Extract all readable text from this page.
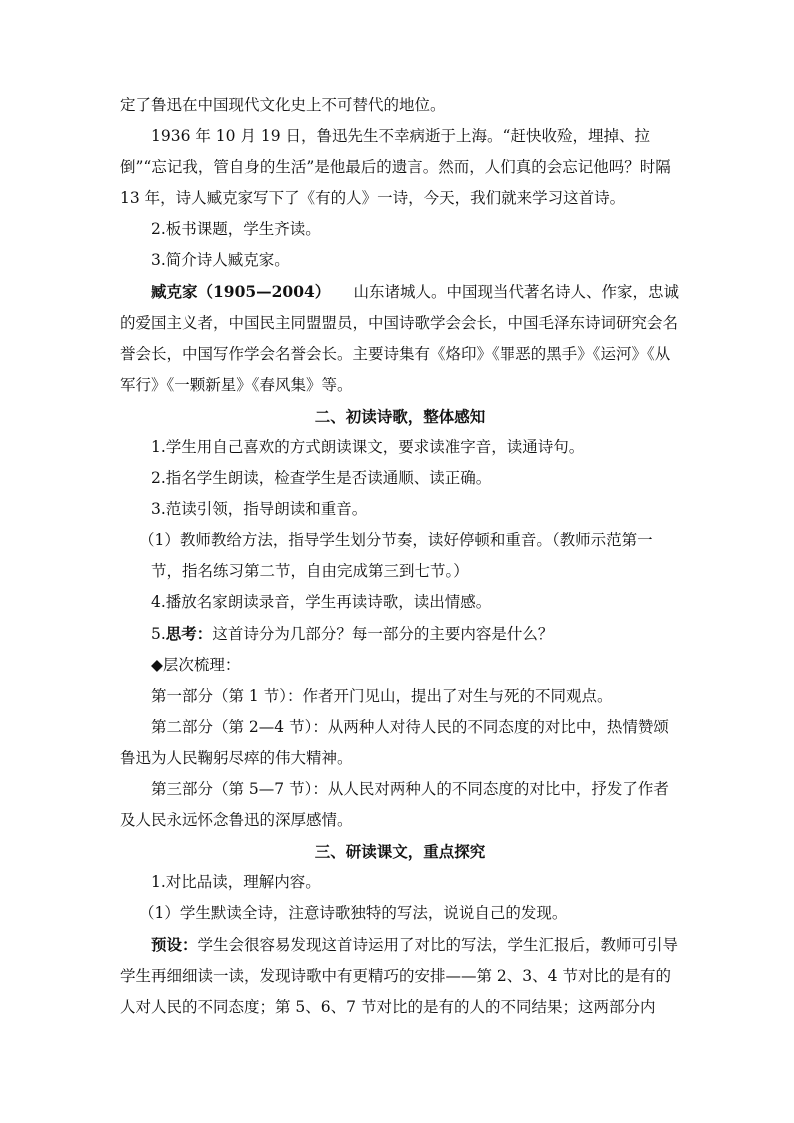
定了鲁迅在中国现代文化史上不可替代的地位。

1936 年 10 月 19 日，鲁迅先生不幸病逝于上海。“赶快收殓，埋掉、拉倒”“忘记我，管自身的生活”是他最后的遗言。然而，人们真的会忘记他吗？时隔 13 年，诗人臧克家写下了《有的人》一诗，今天，我们就来学习这首诗。

2.板书课题，学生齐读。

3.简介诗人臧克家。

臧克家（1905—2004）　　山东诸城人。中国现当代著名诗人、作家，忠诚的爱国主义者，中国民主同盟盟员，中国诗歌学会会长，中国毛泽东诗词研究会名誉会长，中国写作学会名誉会长。主要诗集有《烙印》《罪恶的黑手》《运河》《从军行》《一颗新星》《春风集》等。

二、初读诗歌，整体感知

1.学生用自己喜欢的方式朗读课文，要求读准字音，读通诗句。

2.指名学生朗读，检查学生是否读通顺、读正确。

3.范读引领，指导朗读和重音。

（1）教师教给方法，指导学生划分节奏，读好停顿和重音。（教师示范第一节，指名练习第二节，自由完成第三到七节。）

4.播放名家朗读录音，学生再读诗歌，读出情感。

5.思考：这首诗分为几部分？每一部分的主要内容是什么？

◆层次梳理：

第一部分（第 1 节）：作者开门见山，提出了对生与死的不同观点。

第二部分（第 2—4 节）：从两种人对待人民的不同态度的对比中，热情赞颂鲁迅为人民鞠躬尽瘁的伟大精神。

第三部分（第 5—7 节）：从人民对两种人的不同态度的对比中，抒发了作者及人民永远怀念鲁迅的深厚感情。

三、研读课文，重点探究

1.对比品读，理解内容。

（1）学生默读全诗，注意诗歌独特的写法，说说自己的发现。

预设：学生会很容易发现这首诗运用了对比的写法，学生汇报后，教师可引导学生再细细读一读，发现诗歌中有更精巧的安排——第 2、3、4 节对比的是有的人对人民的不同态度；第 5、6、7 节对比的是有的人的不同结果；这两部分内
